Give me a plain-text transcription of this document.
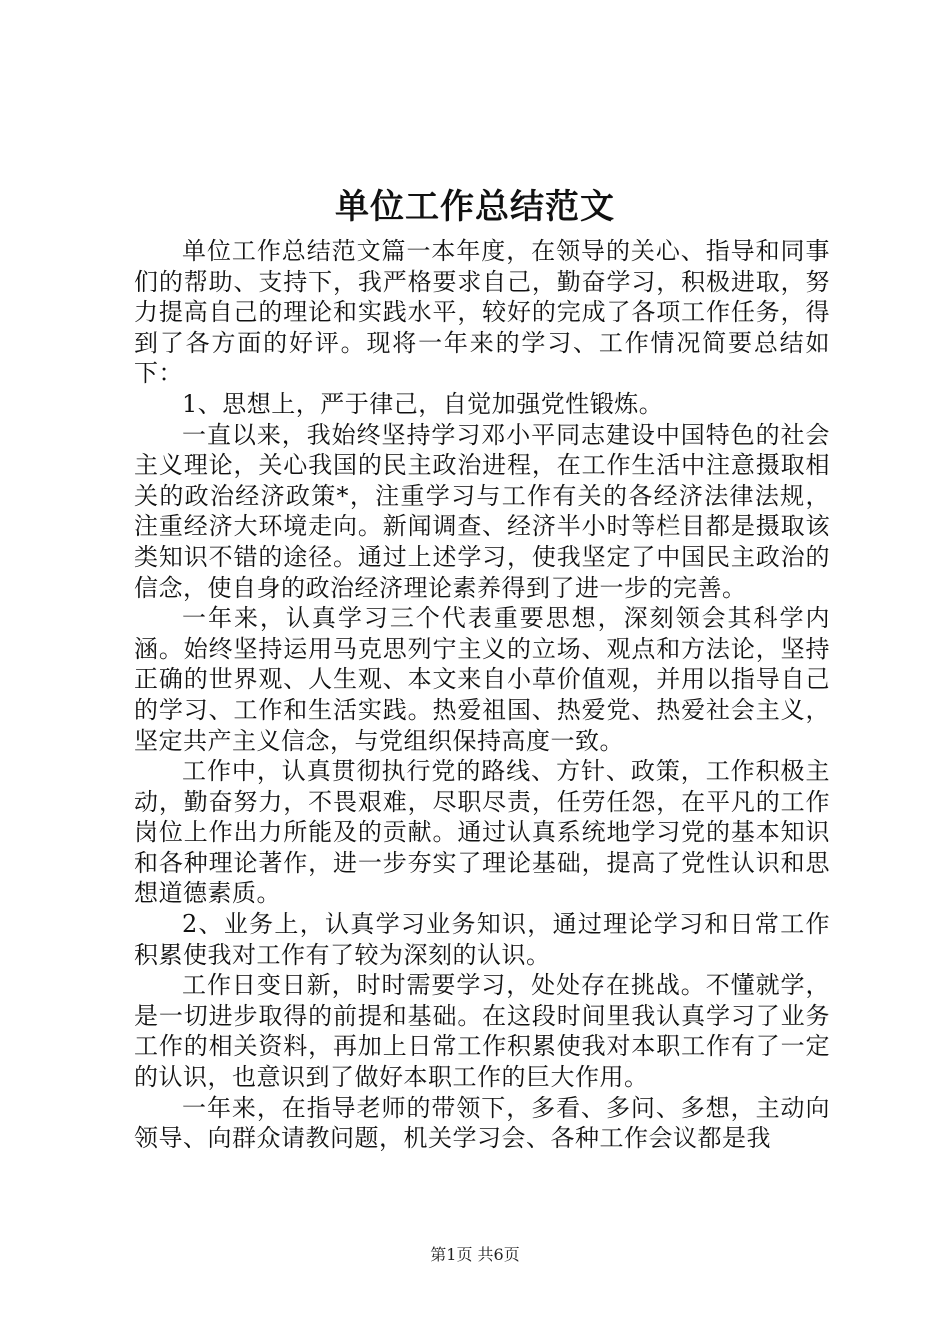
单位工作总结范文

单位工作总结范文篇一本年度，在领导的关心、指导和同事们的帮助、支持下，我严格要求自己，勤奋学习，积极进取，努力提高自己的理论和实践水平，较好的完成了各项工作任务，得到了各方面的好评。现将一年来的学习、工作情况简要总结如下：

1、思想上，严于律己，自觉加强党性锻炼。

一直以来，我始终坚持学习邓小平同志建设中国特色的社会主义理论，关心我国的民主政治进程，在工作生活中注意摄取相关的政治经济政策*，注重学习与工作有关的各经济法律法规，注重经济大环境走向。新闻调查、经济半小时等栏目都是摄取该类知识不错的途径。通过上述学习，使我坚定了中国民主政治的信念，使自身的政治经济理论素养得到了进一步的完善。

一年来，认真学习三个代表重要思想，深刻领会其科学内涵。始终坚持运用马克思列宁主义的立场、观点和方法论，坚持正确的世界观、人生观、本文来自小草价值观，并用以指导自己的学习、工作和生活实践。热爱祖国、热爱党、热爱社会主义，坚定共产主义信念，与党组织保持高度一致。

工作中，认真贯彻执行党的路线、方针、政策，工作积极主动，勤奋努力，不畏艰难，尽职尽责，任劳任怨，在平凡的工作岗位上作出力所能及的贡献。通过认真系统地学习党的基本知识和各种理论著作，进一步夯实了理论基础，提高了党性认识和思想道德素质。

2、业务上，认真学习业务知识，通过理论学习和日常工作积累使我对工作有了较为深刻的认识。

工作日变日新，时时需要学习，处处存在挑战。不懂就学，是一切进步取得的前提和基础。在这段时间里我认真学习了业务工作的相关资料，再加上日常工作积累使我对本职工作有了一定的认识，也意识到了做好本职工作的巨大作用。

一年来，在指导老师的带领下，多看、多问、多想，主动向领导、向群众请教问题，机关学习会、各种工作会议都是我

第1页 共6页
